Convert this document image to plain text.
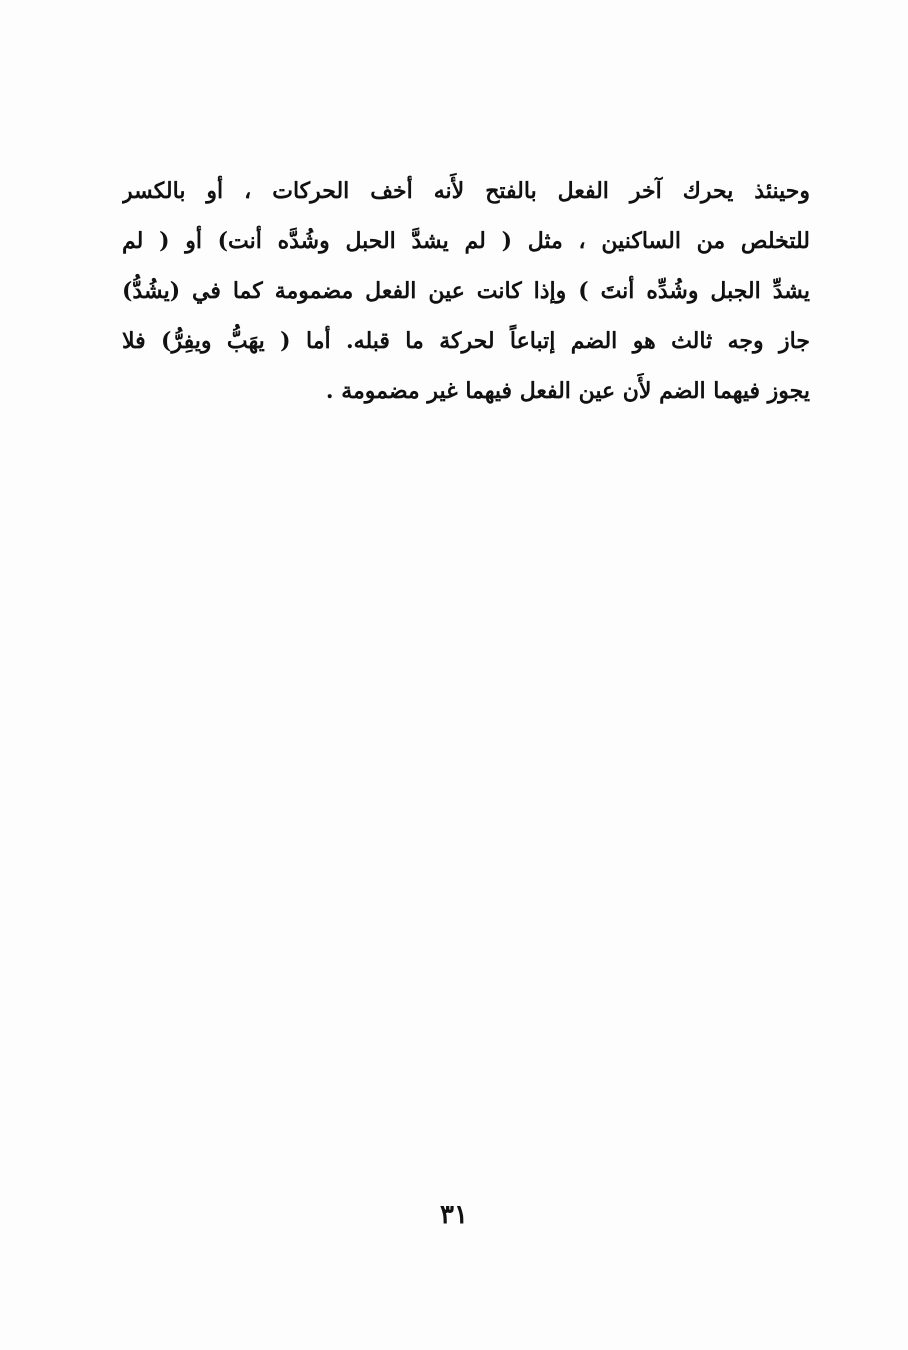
وحينئذ يحرك آخر الفعل بالفتح لأَنه أخف الحركات ، أو بالكسر
للتخلص من الساكنين ، مثل ( لم يشدَّ الحبل وشُدَّه أنت) أو ( لم
يشدِّ الجبل وشُدِّه أنتَ ) وإذا كانت عين الفعل مضمومة كما في (يشُدُّ)
جاز وجه ثالث هو الضم إتباعاً لحركة ما قبله. أما ( يهَبُّ ويفِرُّ) فلا
يجوز فيهما الضم لأَن عين الفعل فيهما غير مضمومة .
٣١
